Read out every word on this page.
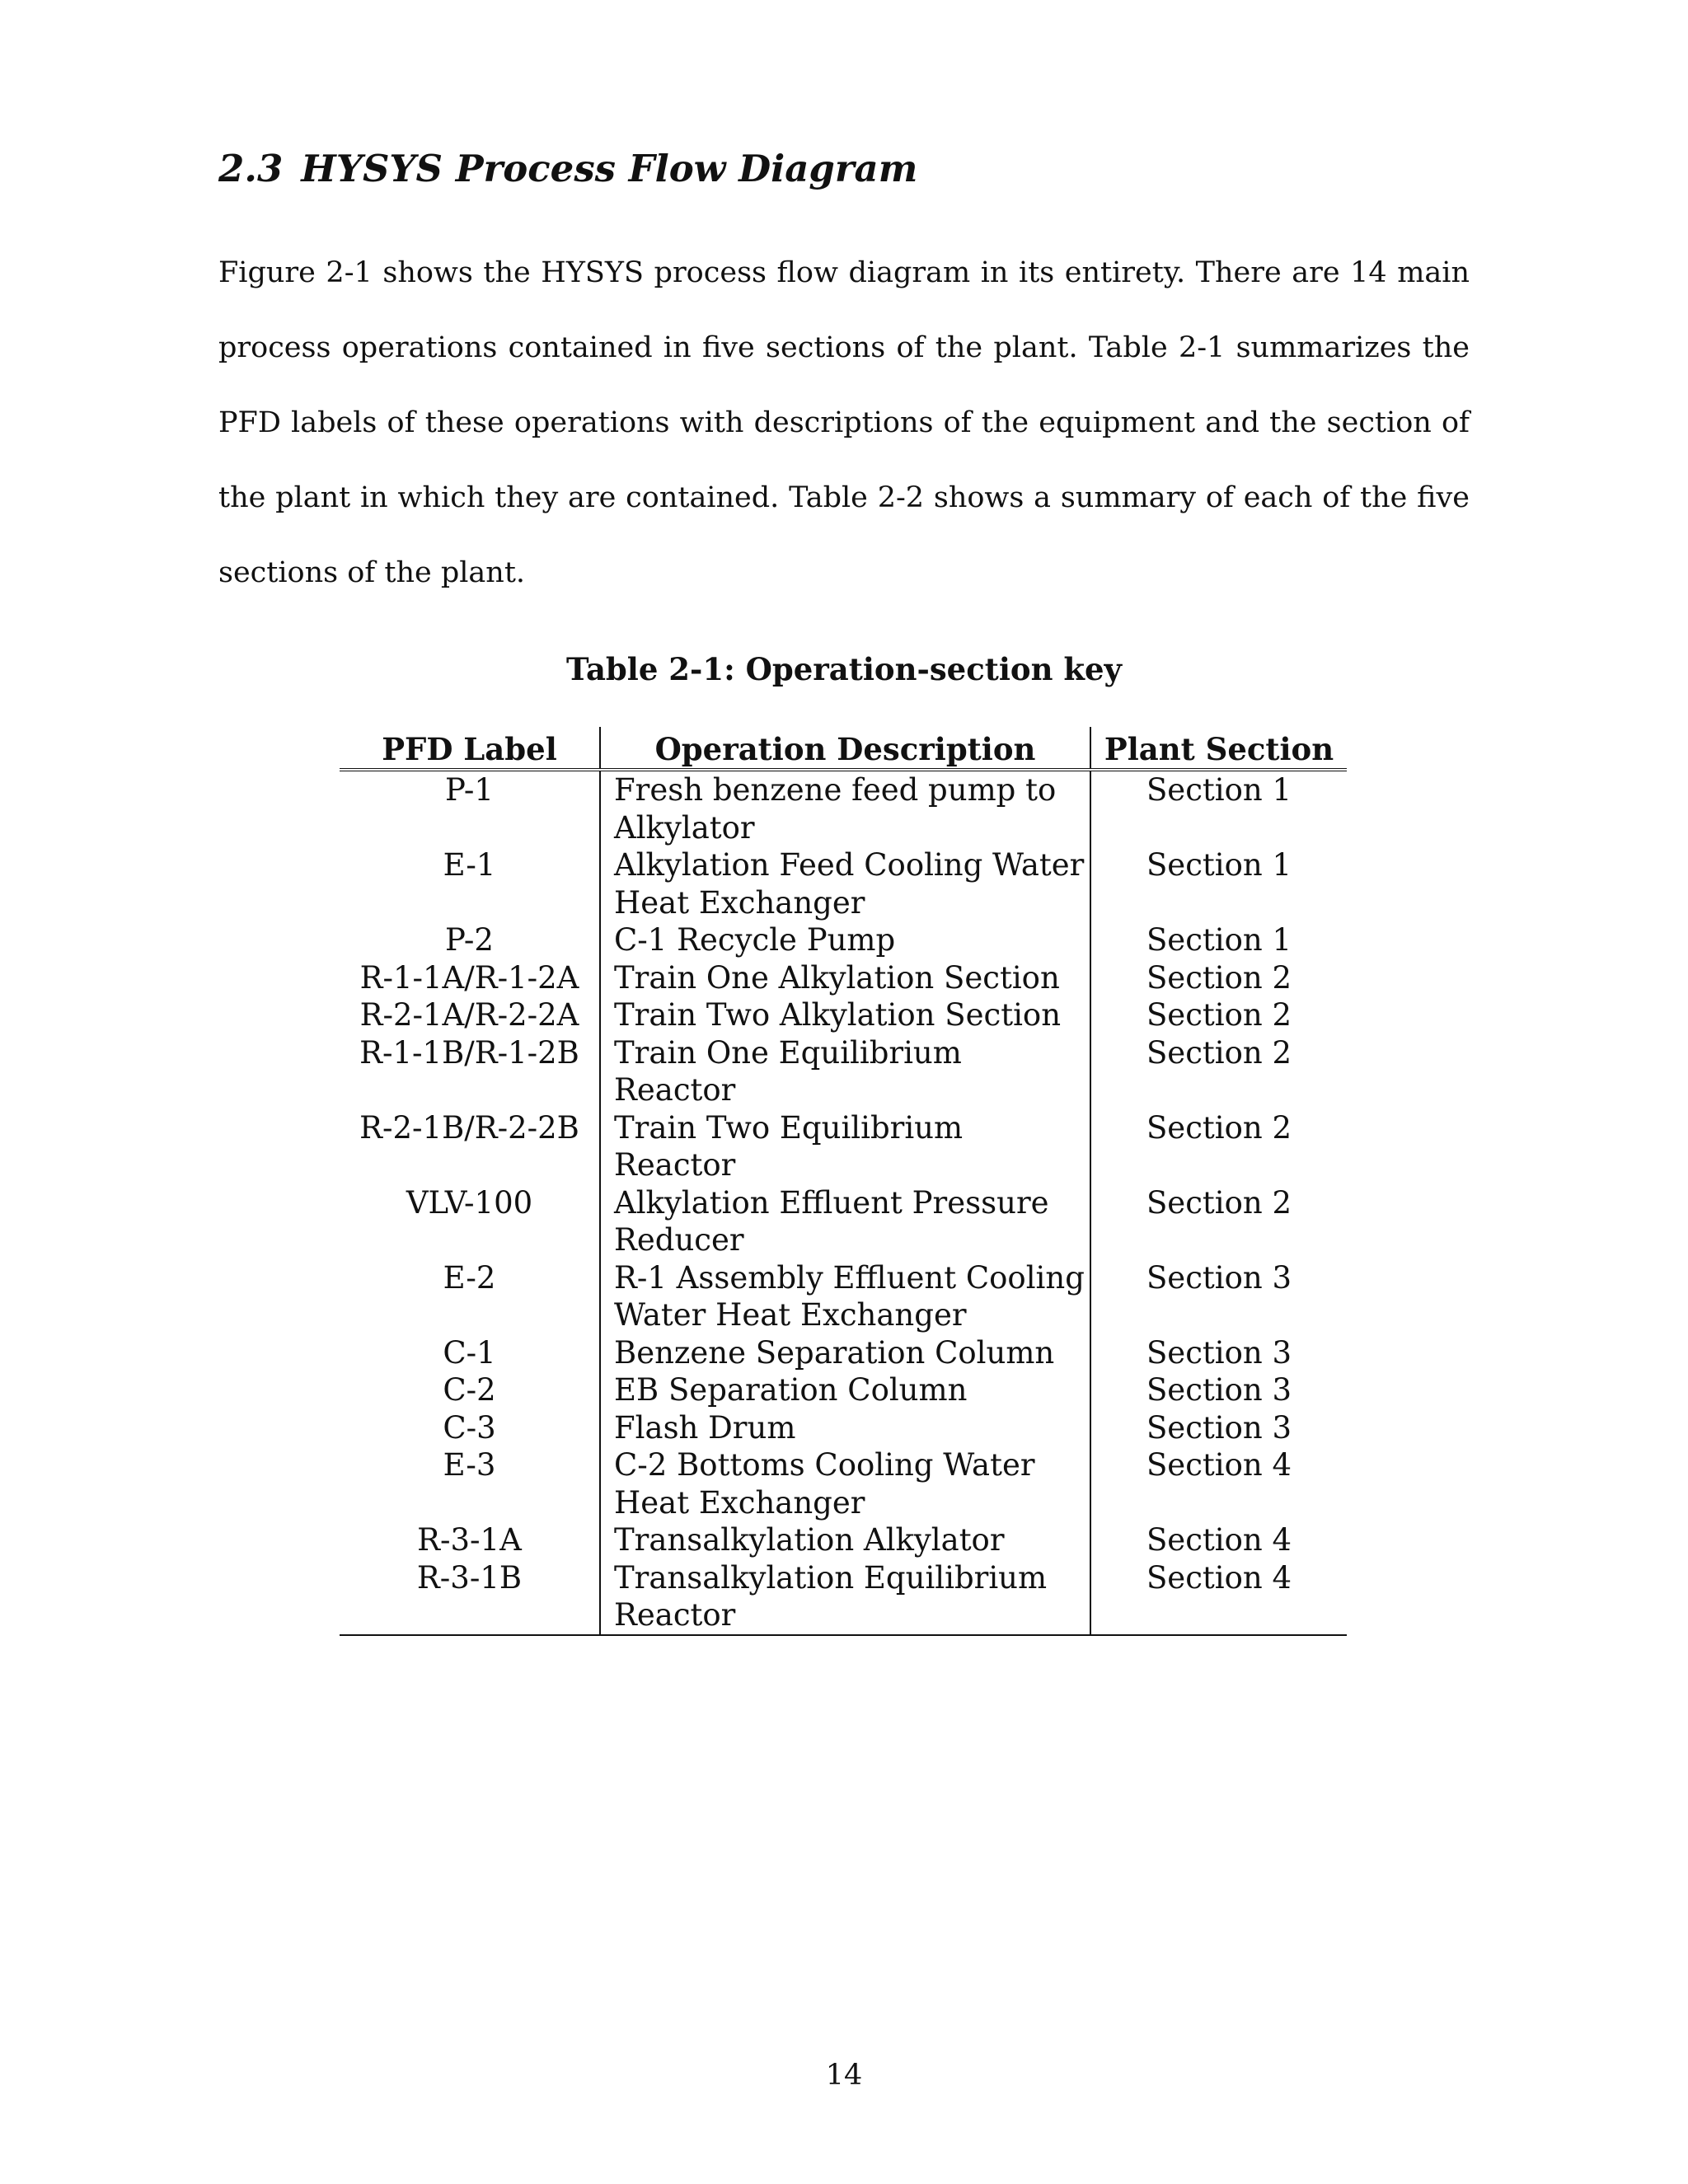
2.3 HYSYS Process Flow Diagram

Figure 2-1 shows the HYSYS process flow diagram in its entirety. There are 14 main process operations contained in five sections of the plant. Table 2-1 summarizes the PFD labels of these operations with descriptions of the equipment and the section of the plant in which they are contained. Table 2-2 shows a summary of each of the five sections of the plant.

Table 2-1: Operation-section key

PFD Label	Operation Description	Plant Section
P-1	Fresh benzene feed pump to Alkylator	Section 1
E-1	Alkylation Feed Cooling Water Heat Exchanger	Section 1
P-2	C-1 Recycle Pump	Section 1
R-1-1A/R-1-2A	Train One Alkylation Section	Section 2
R-2-1A/R-2-2A	Train Two Alkylation Section	Section 2
R-1-1B/R-1-2B	Train One Equilibrium Reactor	Section 2
R-2-1B/R-2-2B	Train Two Equilibrium Reactor	Section 2
VLV-100	Alkylation Effluent Pressure Reducer	Section 2
E-2	R-1 Assembly Effluent Cooling Water Heat Exchanger	Section 3
C-1	Benzene Separation Column	Section 3
C-2	EB Separation Column	Section 3
C-3	Flash Drum	Section 3
E-3	C-2 Bottoms Cooling Water Heat Exchanger	Section 4
R-3-1A	Transalkylation Alkylator	Section 4
R-3-1B	Transalkylation Equilibrium Reactor	Section 4

14
